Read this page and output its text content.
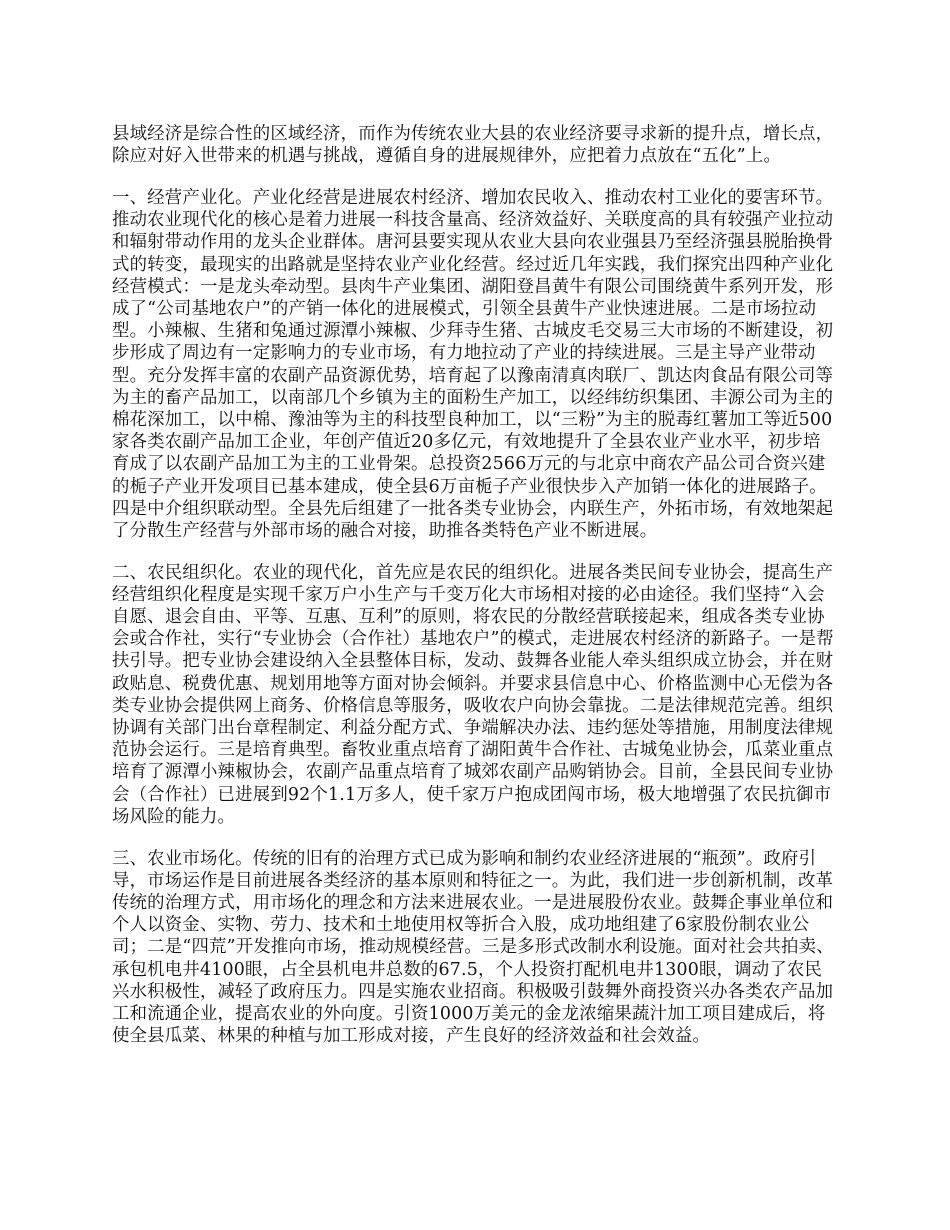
县域经济是综合性的区域经济，而作为传统农业大县的农业经济要寻求新的提升点，增长点，除应对好入世带来的机遇与挑战，遵循自身的进展规律外，应把着力点放在“五化”上。

一、经营产业化。产业化经营是进展农村经济、增加农民收入、推动农村工业化的要害环节。推动农业现代化的核心是着力进展一科技含量高、经济效益好、关联度高的具有较强产业拉动和辐射带动作用的龙头企业群体。唐河县要实现从农业大县向农业强县乃至经济强县脱胎换骨式的转变，最现实的出路就是坚持农业产业化经营。经过近几年实践，我们探究出四种产业化经营模式：一是龙头牵动型。县肉牛产业集团、湖阳登昌黄牛有限公司围绕黄牛系列开发，形成了“公司基地农户”的产销一体化的进展模式，引领全县黄牛产业快速进展。二是市场拉动型。小辣椒、生猪和兔通过源潭小辣椒、少拜寺生猪、古城皮毛交易三大市场的不断建设，初步形成了周边有一定影响力的专业市场，有力地拉动了产业的持续进展。三是主导产业带动型。充分发挥丰富的农副产品资源优势，培育起了以豫南清真肉联厂、凯达肉食品有限公司等为主的畜产品加工，以南部几个乡镇为主的面粉生产加工，以经纬纺织集团、丰源公司为主的棉花深加工，以中棉、豫油等为主的科技型良种加工，以“三粉”为主的脱毒红薯加工等近500家各类农副产品加工企业，年创产值近20多亿元，有效地提升了全县农业产业水平，初步培育成了以农副产品加工为主的工业骨架。总投资2566万元的与北京中商农产品公司合资兴建的栀子产业开发项目已基本建成，使全县6万亩栀子产业很快步入产加销一体化的进展路子。四是中介组织联动型。全县先后组建了一批各类专业协会，内联生产，外拓市场，有效地架起了分散生产经营与外部市场的融合对接，助推各类特色产业不断进展。

二、农民组织化。农业的现代化，首先应是农民的组织化。进展各类民间专业协会，提高生产经营组织化程度是实现千家万户小生产与千变万化大市场相对接的必由途径。我们坚持“入会自愿、退会自由、平等、互惠、互利”的原则，将农民的分散经营联接起来，组成各类专业协会或合作社，实行“专业协会（合作社）基地农户”的模式，走进展农村经济的新路子。一是帮扶引导。把专业协会建设纳入全县整体目标，发动、鼓舞各业能人牵头组织成立协会，并在财政贴息、税费优惠、规划用地等方面对协会倾斜。并要求县信息中心、价格监测中心无偿为各类专业协会提供网上商务、价格信息等服务，吸收农户向协会靠拢。二是法律规范完善。组织协调有关部门出台章程制定、利益分配方式、争端解决办法、违约惩处等措施，用制度法律规范协会运行。三是培育典型。畜牧业重点培育了湖阳黄牛合作社、古城兔业协会，瓜菜业重点培育了源潭小辣椒协会，农副产品重点培育了城郊农副产品购销协会。目前，全县民间专业协会（合作社）已进展到92个1.1万多人，使千家万户抱成团闯市场，极大地增强了农民抗御市场风险的能力。

三、农业市场化。传统的旧有的治理方式已成为影响和制约农业经济进展的“瓶颈”。政府引导，市场运作是目前进展各类经济的基本原则和特征之一。为此，我们进一步创新机制，改革传统的治理方式，用市场化的理念和方法来进展农业。一是进展股份农业。鼓舞企事业单位和个人以资金、实物、劳力、技术和土地使用权等折合入股，成功地组建了6家股份制农业公司；二是“四荒”开发推向市场，推动规模经营。三是多形式改制水利设施。面对社会共拍卖、承包机电井4100眼，占全县机电井总数的67.5，个人投资打配机电井1300眼，调动了农民兴水积极性，减轻了政府压力。四是实施农业招商。积极吸引鼓舞外商投资兴办各类农产品加工和流通企业，提高农业的外向度。引资1000万美元的金龙浓缩果蔬汁加工项目建成后，将使全县瓜菜、林果的种植与加工形成对接，产生良好的经济效益和社会效益。
